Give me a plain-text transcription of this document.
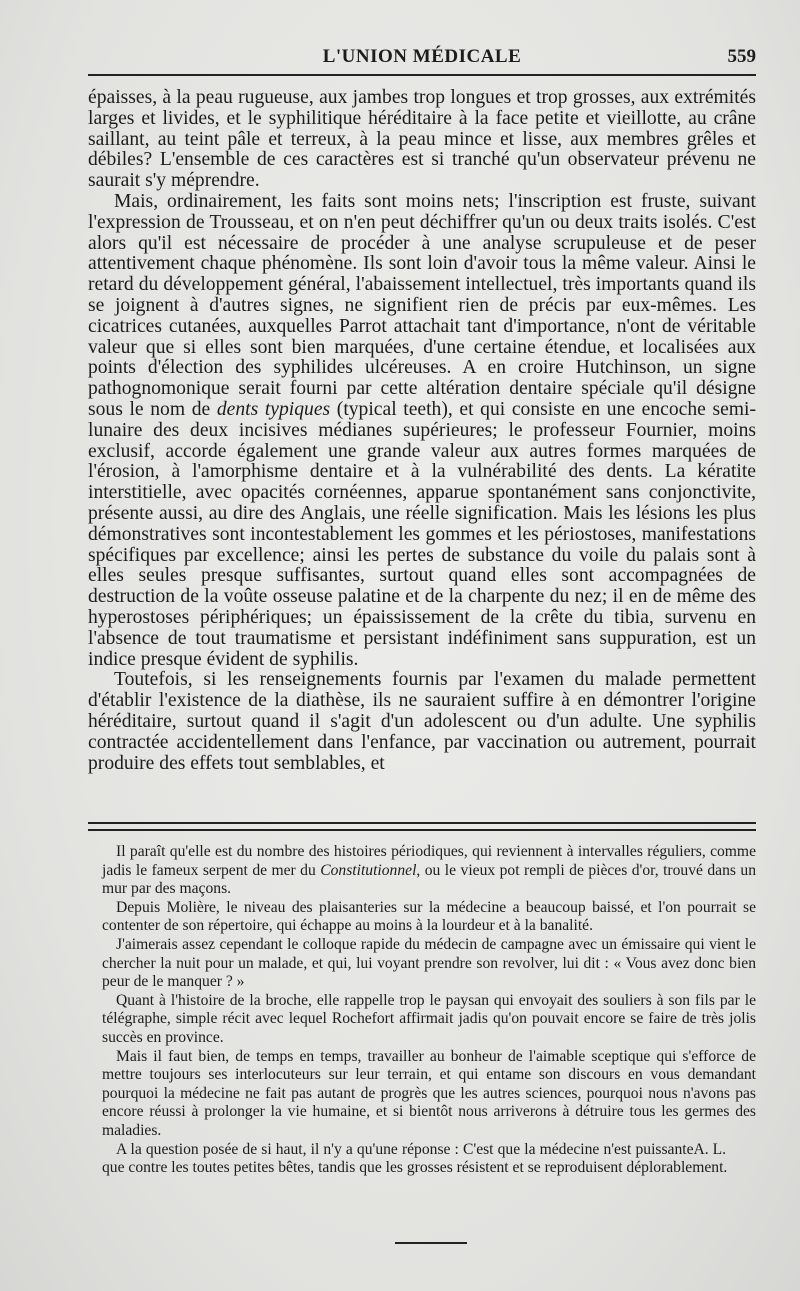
L'UNION MÉDICALE	559

épaisses, à la peau rugueuse, aux jambes trop longues et trop grosses, aux extrémités larges et livides, et le syphilitique héréditaire à la face petite et vieillotte, au crâne saillant, au teint pâle et terreux, à la peau mince et lisse, aux membres grêles et débiles? L'ensemble de ces caractères est si tranché qu'un observateur prévenu ne saurait s'y méprendre.

Mais, ordinairement, les faits sont moins nets; l'inscription est fruste, suivant l'expression de Trousseau, et on n'en peut déchiffrer qu'un ou deux traits isolés. C'est alors qu'il est nécessaire de procéder à une analyse scrupuleuse et de peser attentivement chaque phénomène. Ils sont loin d'avoir tous la même valeur. Ainsi le retard du développement général, l'abaissement intellectuel, très importants quand ils se joignent à d'autres signes, ne signifient rien de précis par eux-mêmes. Les cicatrices cutanées, auxquelles Parrot attachait tant d'importance, n'ont de véritable valeur que si elles sont bien marquées, d'une certaine étendue, et localisées aux points d'élection des syphilides ulcéreuses. A en croire Hutchinson, un signe pathognomonique serait fourni par cette altération dentaire spéciale qu'il désigne sous le nom de dents typiques (typical teeth), et qui consiste en une encoche semi-lunaire des deux incisives médianes supérieures; le professeur Fournier, moins exclusif, accorde également une grande valeur aux autres formes marquées de l'érosion, à l'amorphisme dentaire et à la vulnérabilité des dents. La kératite interstitielle, avec opacités cornéennes, apparue spontanément sans conjonctivite, présente aussi, au dire des Anglais, une réelle signification. Mais les lésions les plus démonstratives sont incontestablement les gommes et les périostoses, manifestations spécifiques par excellence; ainsi les pertes de substance du voile du palais sont à elles seules presque suffisantes, surtout quand elles sont accompagnées de destruction de la voûte osseuse palatine et de la charpente du nez; il en de même des hyperostoses périphériques; un épaississement de la crête du tibia, survenu en l'absence de tout traumatisme et persistant indéfiniment sans suppuration, est un indice presque évident de syphilis.

Toutefois, si les renseignements fournis par l'examen du malade permettent d'établir l'existence de la diathèse, ils ne sauraient suffire à en démontrer l'origine héréditaire, surtout quand il s'agit d'un adolescent ou d'un adulte. Une syphilis contractée accidentellement dans l'enfance, par vaccination ou autrement, pourrait produire des effets tout semblables, et

Il paraît qu'elle est du nombre des histoires périodiques, qui reviennent à intervalles réguliers, comme jadis le fameux serpent de mer du Constitutionnel, ou le vieux pot rempli de pièces d'or, trouvé dans un mur par des maçons.

Depuis Molière, le niveau des plaisanteries sur la médecine a beaucoup baissé, et l'on pourrait se contenter de son répertoire, qui échappe au moins à la lourdeur et à la banalité.

J'aimerais assez cependant le colloque rapide du médecin de campagne avec un émissaire qui vient le chercher la nuit pour un malade, et qui, lui voyant prendre son revolver, lui dit : « Vous avez donc bien peur de le manquer ? »

Quant à l'histoire de la broche, elle rappelle trop le paysan qui envoyait des souliers à son fils par le télégraphe, simple récit avec lequel Rochefort affirmait jadis qu'on pouvait encore se faire de très jolis succès en province.

Mais il faut bien, de temps en temps, travailler au bonheur de l'aimable sceptique qui s'efforce de mettre toujours ses interlocuteurs sur leur terrain, et qui entame son discours en vous demandant pourquoi la médecine ne fait pas autant de progrès que les autres sciences, pourquoi nous n'avons pas encore réussi à prolonger la vie humaine, et si bientôt nous arriverons à détruire tous les germes des maladies.

A. L.
A la question posée de si haut, il n'y a qu'une réponse : C'est que la médecine n'est puissante que contre les toutes petites bêtes, tandis que les grosses résistent et se reproduisent déplorablement.
